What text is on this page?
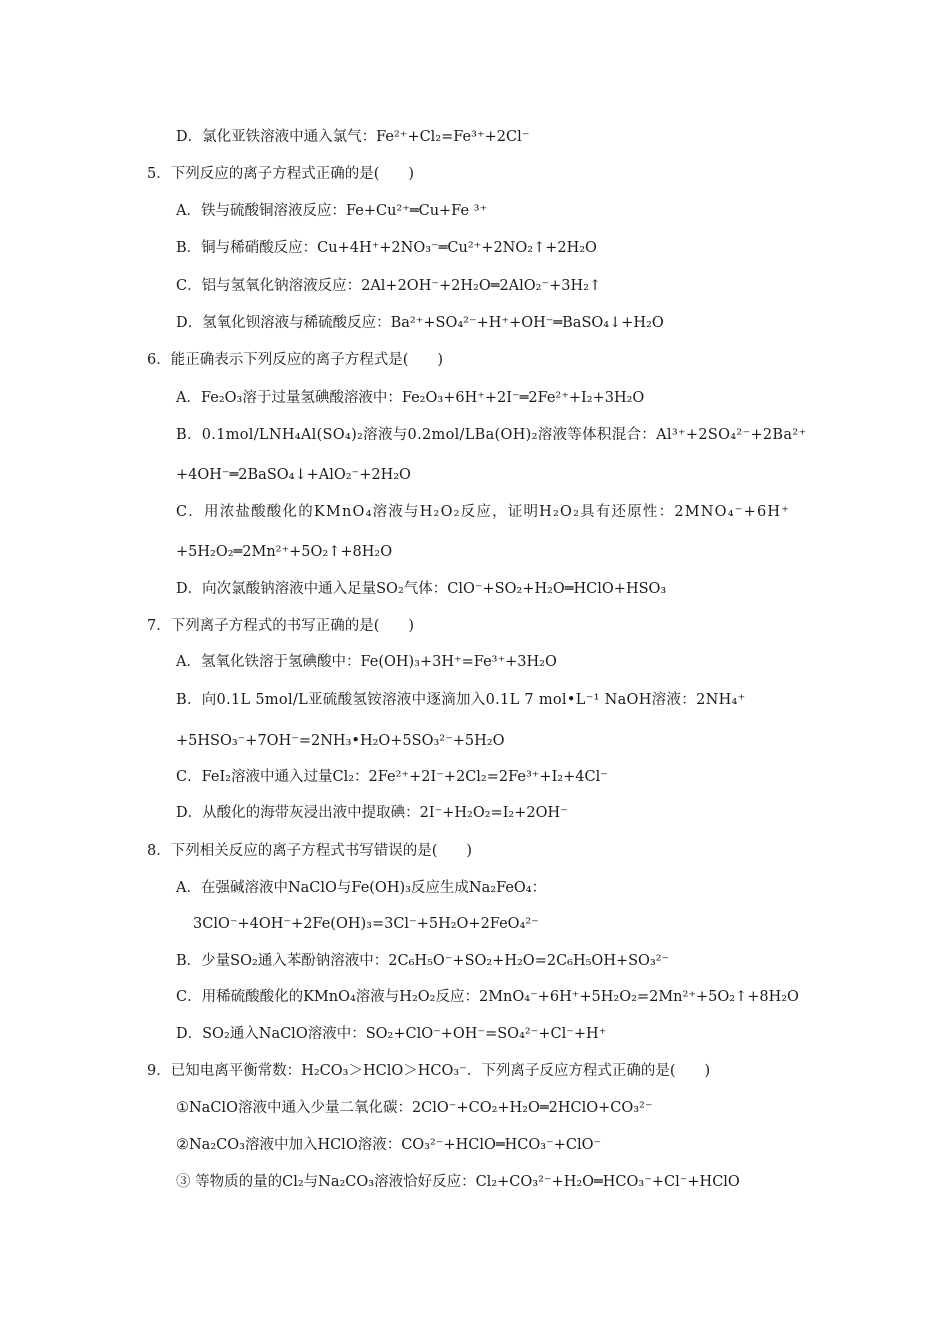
D．氯化亚铁溶液中通入氯气：Fe²⁺+Cl₂=Fe³⁺+2Cl⁻
5．下列反应的离子方程式正确的是(　　)
A．铁与硫酸铜溶液反应：Fe+Cu²⁺═Cu+Fe ³⁺
B．铜与稀硝酸反应：Cu+4H⁺+2NO₃⁻═Cu²⁺+2NO₂↑+2H₂O
C．铝与氢氧化钠溶液反应：2Al+2OH⁻+2H₂O═2AlO₂⁻+3H₂↑
D．氢氧化钡溶液与稀硫酸反应：Ba²⁺+SO₄²⁻+H⁺+OH⁻═BaSO₄↓+H₂O
6．能正确表示下列反应的离子方程式是(　　)
A．Fe₂O₃溶于过量氢碘酸溶液中：Fe₂O₃+6H⁺+2I⁻═2Fe²⁺+I₂+3H₂O
B．0.1mol/LNH₄Al(SO₄)₂溶液与0.2mol/LBa(OH)₂溶液等体积混合：Al³⁺+2SO₄²⁻+2Ba²⁺
+4OH⁻═2BaSO₄↓+AlO₂⁻+2H₂O
C．用浓盐酸酸化的KMnO₄溶液与H₂O₂反应，证明H₂O₂具有还原性：2MNO₄⁻+6H⁺
+5H₂O₂═2Mn²⁺+5O₂↑+8H₂O
D．向次氯酸钠溶液中通入足量SO₂气体：ClO⁻+SO₂+H₂O═HClO+HSO₃
7．下列离子方程式的书写正确的是(　　)
A．氢氧化铁溶于氢碘酸中：Fe(OH)₃+3H⁺=Fe³⁺+3H₂O
B．向0.1L 5mol/L亚硫酸氢铵溶液中逐滴加入0.1L 7 mol•L⁻¹ NaOH溶液：2NH₄⁺
+5HSO₃⁻+7OH⁻=2NH₃•H₂O+5SO₃²⁻+5H₂O
C．FeI₂溶液中通入过量Cl₂：2Fe²⁺+2I⁻+2Cl₂=2Fe³⁺+I₂+4Cl⁻
D．从酸化的海带灰浸出液中提取碘：2I⁻+H₂O₂=I₂+2OH⁻
8．下列相关反应的离子方程式书写错误的是(　　)
A．在强碱溶液中NaClO与Fe(OH)₃反应生成Na₂FeO₄：
3ClO⁻+4OH⁻+2Fe(OH)₃=3Cl⁻+5H₂O+2FeO₄²⁻
B．少量SO₂通入苯酚钠溶液中：2C₆H₅O⁻+SO₂+H₂O=2C₆H₅OH+SO₃²⁻
C．用稀硫酸酸化的KMnO₄溶液与H₂O₂反应：2MnO₄⁻+6H⁺+5H₂O₂=2Mn²⁺+5O₂↑+8H₂O
D．SO₂通入NaClO溶液中：SO₂+ClO⁻+OH⁻=SO₄²⁻+Cl⁻+H⁺
9．已知电离平衡常数：H₂CO₃＞HClO＞HCO₃⁻．下列离子反应方程式正确的是(　　)
①NaClO溶液中通入少量二氧化碳：2ClO⁻+CO₂+H₂O═2HClO+CO₃²⁻
②Na₂CO₃溶液中加入HClO溶液：CO₃²⁻+HClO═HCO₃⁻+ClO⁻
③ 等物质的量的Cl₂与Na₂CO₃溶液恰好反应：Cl₂+CO₃²⁻+H₂O═HCO₃⁻+Cl⁻+HClO
